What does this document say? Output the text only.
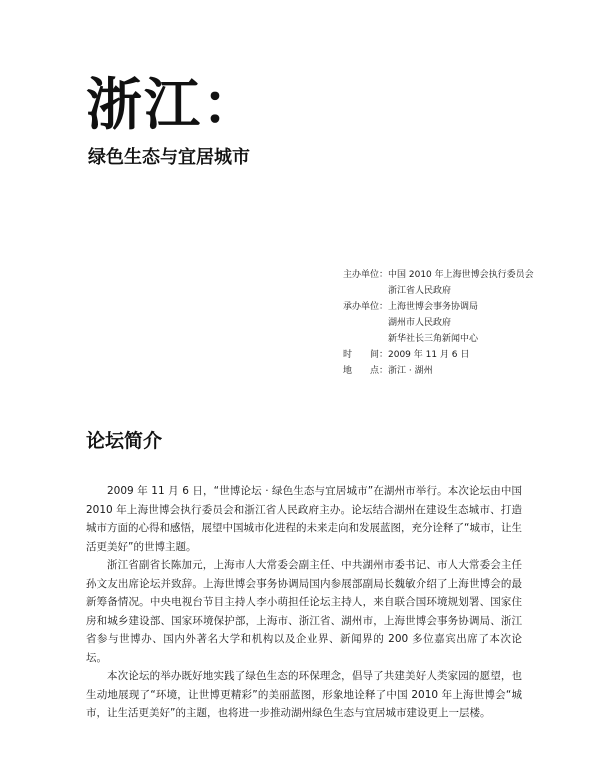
浙江：
绿色生态与宜居城市
主办单位： 中国 2010 年上海世博会执行委员会
浙江省人民政府
承办单位： 上海世博会事务协调局
湖州市人民政府
新华社长三角新闻中心
时　　间： 2009 年 11 月 6 日
地　　点： 浙江 · 湖州
论坛简介

2009 年 11 月 6 日，“世博论坛 · 绿色生态与宜居城市”在湖州市举行。本次论坛由中国 2010 年上海世博会执行委员会和浙江省人民政府主办。论坛结合湖州在建设生态城市、打造城市方面的心得和感悟，展望中国城市化进程的未来走向和发展蓝图，充分诠释了“城市，让生活更美好”的世博主题。

浙江省副省长陈加元，上海市人大常委会副主任、中共湖州市委书记、市人大常委会主任孙文友出席论坛并致辞。上海世博会事务协调局国内参展部副局长魏敏介绍了上海世博会的最新筹备情况。中央电视台节目主持人李小萌担任论坛主持人，来自联合国环境规划署、国家住房和城乡建设部、国家环境保护部，上海市、浙江省、湖州市，上海世博会事务协调局、浙江省参与世博办、国内外著名大学和机构以及企业界、新闻界的 200 多位嘉宾出席了本次论坛。

本次论坛的举办既好地实践了绿色生态的环保理念，倡导了共建美好人类家园的愿望，也生动地展现了“环境，让世博更精彩”的美丽蓝图，形象地诠释了中国 2010 年上海世博会“城市，让生活更美好”的主题，也将进一步推动湖州绿色生态与宜居城市建设更上一层楼。
